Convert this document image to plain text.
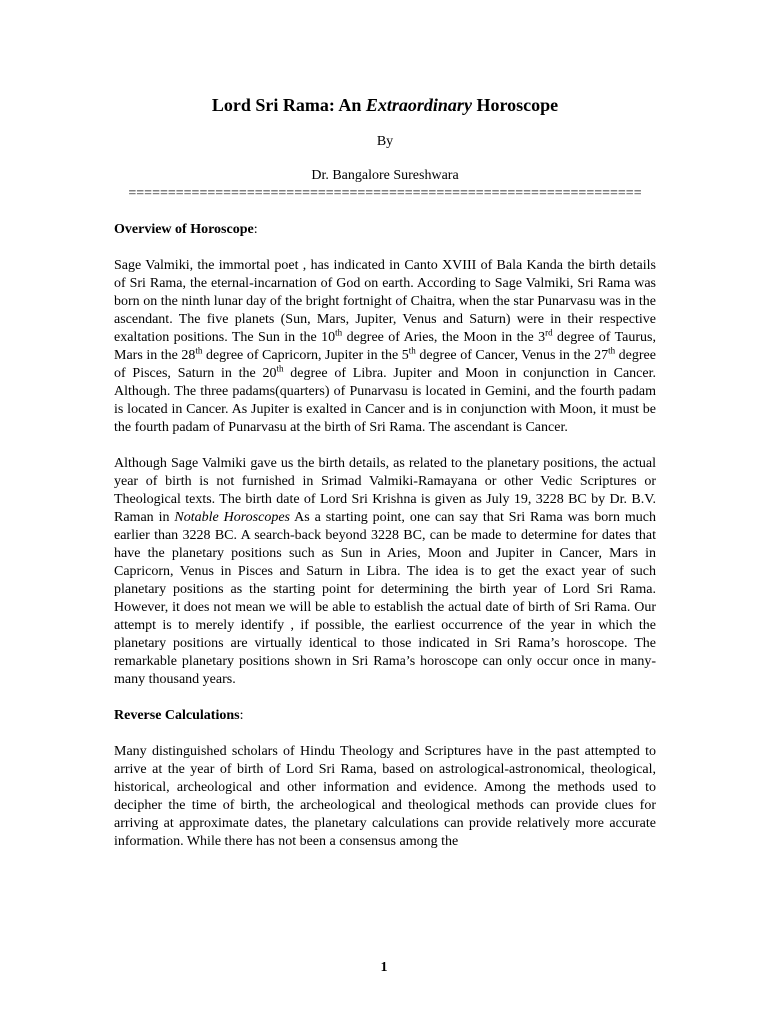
Lord Sri Rama: An Extraordinary Horoscope

By

Dr. Bangalore Sureshwara

=================================================================

Overview of Horoscope:

Sage Valmiki, the immortal poet , has indicated in Canto XVIII of Bala Kanda the birth details of Sri Rama, the eternal-incarnation of God on earth. According to Sage Valmiki, Sri Rama was born on the ninth lunar day of the bright fortnight of Chaitra, when the star Punarvasu was in the ascendant. The five planets (Sun, Mars, Jupiter, Venus and Saturn) were in their respective exaltation positions. The Sun in the 10th degree of Aries, the Moon in the 3rd degree of Taurus, Mars in the 28th degree of Capricorn, Jupiter in the 5th degree of Cancer, Venus in the 27th degree of Pisces, Saturn in the 20th degree of Libra. Jupiter and Moon in conjunction in Cancer. Although. The three padams(quarters) of Punarvasu is located in Gemini, and the fourth padam is located in Cancer. As Jupiter is exalted in Cancer and is in conjunction with Moon, it must be the fourth padam of Punarvasu at the birth of Sri Rama. The ascendant is Cancer.

Although Sage Valmiki gave us the birth details, as related to the planetary positions, the actual year of birth is not furnished in Srimad Valmiki-Ramayana or other Vedic Scriptures or Theological texts. The birth date of Lord Sri Krishna is given as July 19, 3228 BC by Dr. B.V. Raman in Notable Horoscopes As a starting point, one can say that Sri Rama was born much earlier than 3228 BC. A search-back beyond 3228 BC, can be made to determine for dates that have the planetary positions such as Sun in Aries, Moon and Jupiter in Cancer, Mars in Capricorn, Venus in Pisces and Saturn in Libra. The idea is to get the exact year of such planetary positions as the starting point for determining the birth year of Lord Sri Rama. However, it does not mean we will be able to establish the actual date of birth of Sri Rama. Our attempt is to merely identify , if possible, the earliest occurrence of the year in which the planetary positions are virtually identical to those indicated in Sri Rama’s horoscope. The remarkable planetary positions shown in Sri Rama’s horoscope can only occur once in many-many thousand years.

Reverse Calculations:

Many distinguished scholars of Hindu Theology and Scriptures have in the past attempted to arrive at the year of birth of Lord Sri Rama, based on astrological-astronomical, theological, historical, archeological and other information and evidence. Among the methods used to decipher the time of birth, the archeological and theological methods can provide clues for arriving at approximate dates, the planetary calculations can provide relatively more accurate information. While there has not been a consensus among the

1
